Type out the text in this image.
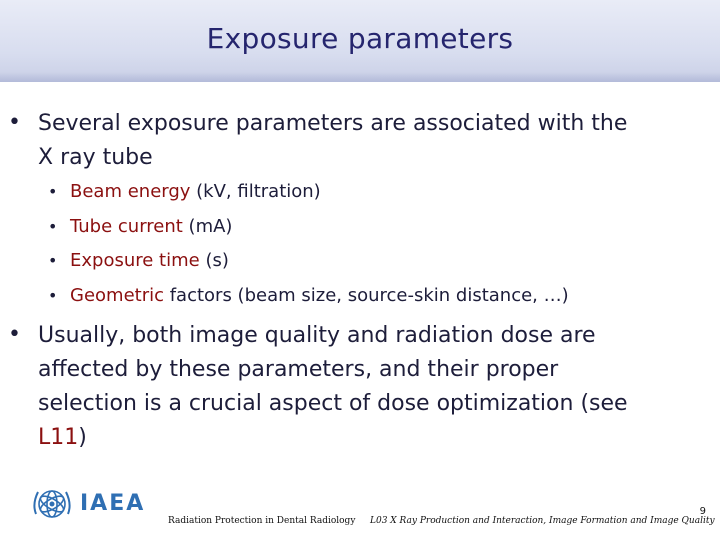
Exposure parameters
• Several exposure parameters are associated with the
X ray tube
• Beam energy (kV, filtration)
• Tube current (mA)
• Exposure time (s)
• Geometric factors (beam size, source-skin distance, …)
• Usually, both image quality and radiation dose are
affected by these parameters, and their proper
selection is a crucial aspect of dose optimization (see
L11)
IAEA
Radiation Protection in Dental Radiology L03 X Ray Production and Interaction, Image Formation and Image Quality
9
